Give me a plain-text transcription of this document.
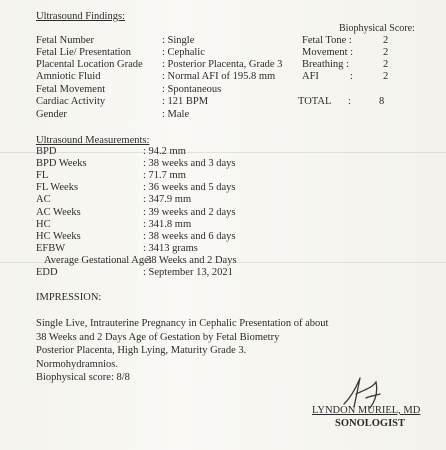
Ultrasound Findings:
Fetal Number	: Single
Fetal Lie/ Presentation	: Cephalic
Placental Location Grade : Posterior Placenta, Grade 3
Amniotic Fluid	: Normal AFI of 195.8 mm
Fetal Movement	: Spontaneous
Cardiac Activity	: 121 BPM
Gender	: Male
Biophysical Score:
Fetal Tone :	2
Movement :	2
Breathing :	2
AFI	:	2
TOTAL :	8
Ultrasound Measurements:
BPD	: 94.2 mm
BPD Weeks	: 38 weeks and 3 days
FL	: 71.7 mm
FL Weeks	: 36 weeks and 5 days
AC	: 347.9 mm
AC Weeks	: 39 weeks and 2 days
HC	: 341.8 mm
HC Weeks	: 38 weeks and 6 days
EFBW	: 3413 grams
Average Gestational Age:
38 Weeks and 2 Days
EDD	: September 13, 2021
IMPRESSION:
Single Live, Intrauterine Pregnancy in Cephalic Presentation of about
38 Weeks and 2 Days Age of Gestation by Fetal Biometry
Posterior Placenta, High Lying, Maturity Grade 3.
Normohydramnios.
Biophysical score: 8/8
LYNDON MURIEL, MD
SONOLOGIST
